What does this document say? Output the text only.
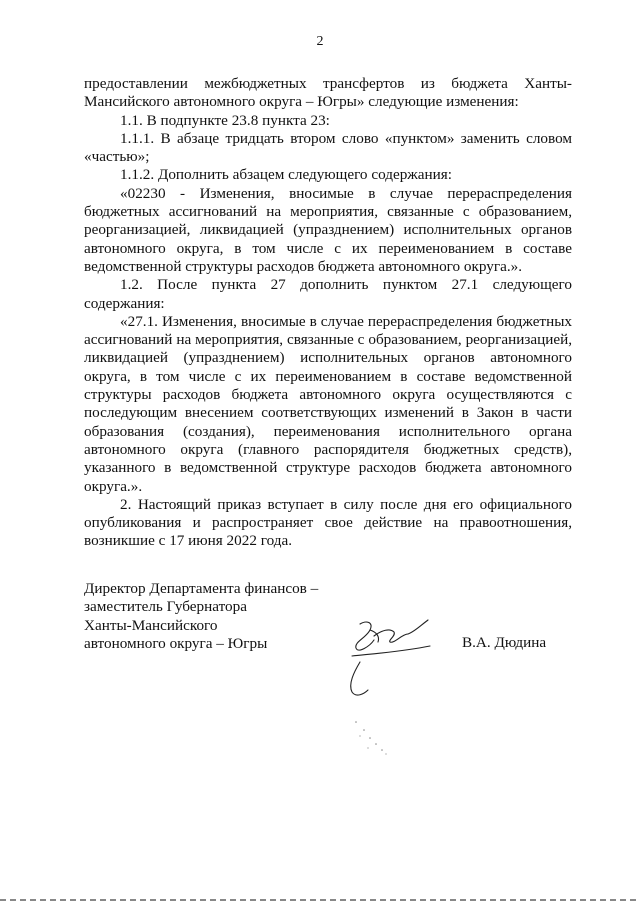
2

предоставлении межбюджетных трансфертов из бюджета Ханты-Мансийского автономного округа – Югры» следующие изменения:

1.1. В подпункте 23.8 пункта 23:

1.1.1. В абзаце тридцать втором слово «пунктом» заменить словом «частью»;

1.1.2. Дополнить абзацем следующего содержания:

«02230 - Изменения, вносимые в случае перераспределения бюджетных ассигнований на мероприятия, связанные с образованием, реорганизацией, ликвидацией (упразднением) исполнительных органов автономного округа, в том числе с их переименованием в составе ведомственной структуры расходов бюджета автономного округа.».

1.2. После пункта 27 дополнить пунктом 27.1 следующего содержания:

«27.1. Изменения, вносимые в случае перераспределения бюджетных ассигнований на мероприятия, связанные с образованием, реорганизацией, ликвидацией (упразднением) исполнительных органов автономного округа, в том числе с их переименованием в составе ведомственной структуры расходов бюджета автономного округа осуществляются с последующим внесением соответствующих изменений в Закон в части образования (создания), переименования исполнительного органа автономного округа (главного распорядителя бюджетных средств), указанного в ведомственной структуре расходов бюджета автономного округа.».

2. Настоящий приказ вступает в силу после дня его официального опубликования и распространяет свое действие на правоотношения, возникшие с 17 июня 2022 года.

Директор Департамента финансов –
заместитель Губернатора
Ханты-Мансийского
автономного округа – Югры	В.А. Дюдина
